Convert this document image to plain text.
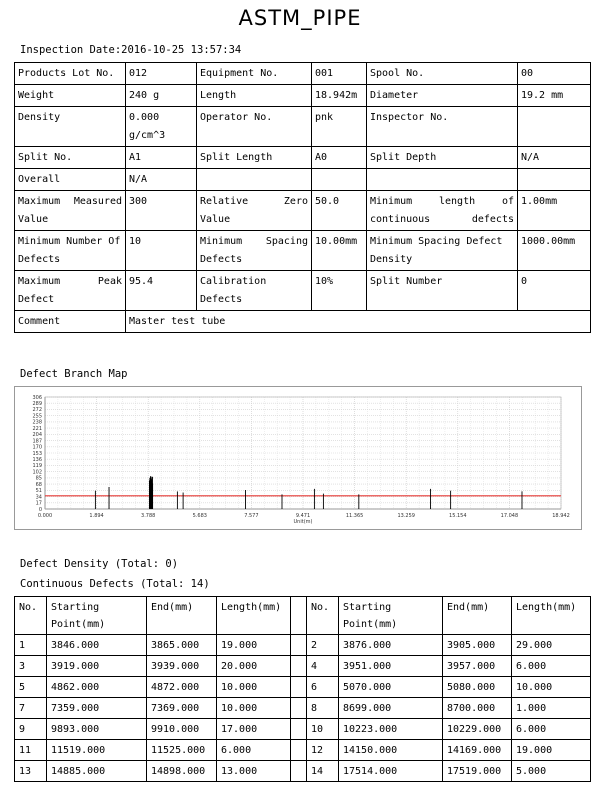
ASTM_PIPE
Inspection Date:2016-10-25 13:57:34
Products Lot No.	012	Equipment No.	001	Spool No.	00
Weight	240 g	Length	18.942m	Diameter	19.2 mm
Density	0.000 g/cm^3	Operator No.	pnk	Inspector No.	
Split No.	A1	Split Length	A0	Split Depth	N/A
Overall	N/A				
Maximum Measured Value	300	Relative Zero Value	50.0	Minimum length of continuous defects	1.00mm
Minimum Number Of Defects	10	Minimum Spacing Defects	10.00mm	Minimum Spacing Defect Density	1000.00mm
Maximum Peak Defect	95.4	Calibration Defects	10%	Split Number	0
Comment	Master test tube				
Defect Branch Map
0
17
34
51
68
85
102
119
136
153
170
187
204
221
238
255
272
289
306
0.000	1.894	3.788	5.683	7.577	9.471	11.365	13.259	15.154	17.048	18.942
Unit(m)
Defect Density (Total: 0)
Continuous Defects (Total: 14)
No.	Starting Point(mm)	End(mm)	Length(mm)		No.	Starting Point(mm)	End(mm)	Length(mm)
1	3846.000	3865.000	19.000		2	3876.000	3905.000	29.000
3	3919.000	3939.000	20.000		4	3951.000	3957.000	6.000
5	4862.000	4872.000	10.000		6	5070.000	5080.000	10.000
7	7359.000	7369.000	10.000		8	8699.000	8700.000	1.000
9	9893.000	9910.000	17.000		10	10223.000	10229.000	6.000
11	11519.000	11525.000	6.000		12	14150.000	14169.000	19.000
13	14885.000	14898.000	13.000		14	17514.000	17519.000	5.000
